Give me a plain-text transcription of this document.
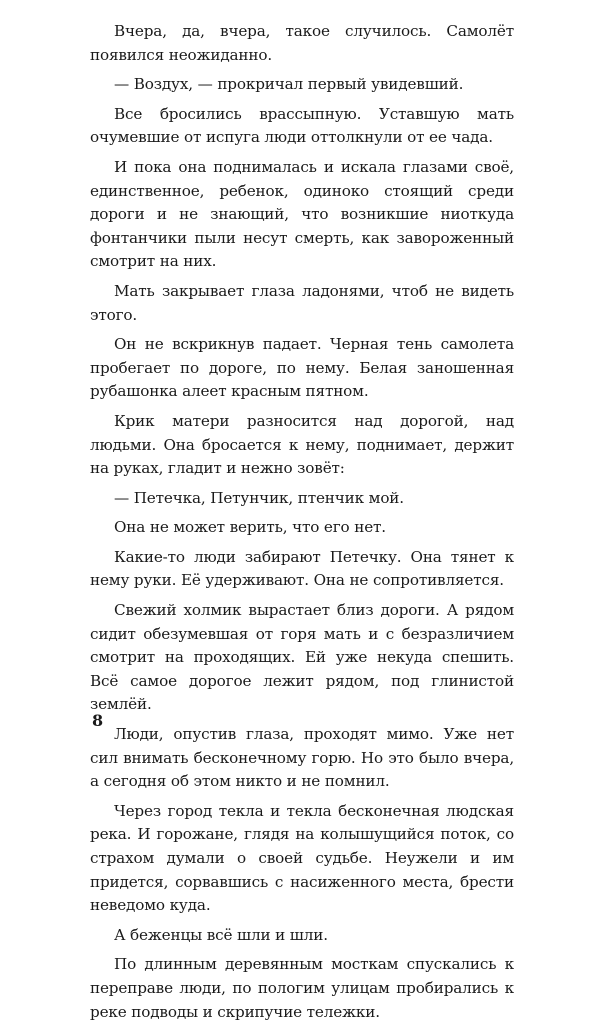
Вчера, да, вчера, такое случилось. Самолёт появился неожиданно.

— Воздух, — прокричал первый увидевший.

Все бросились врассыпную. Уставшую мать очумевшие от испуга люди оттолкнули от ее чада.

И пока она поднималась и искала глазами своё, единственное, ребенок, одиноко стоящий среди дороги и не знающий, что возникшие ниоткуда фонтанчики пыли несут смерть, как завороженный смотрит на них.

Мать закрывает глаза ладонями, чтоб не видеть этого.

Он не вскрикнув падает. Черная тень самолета пробегает по дороге, по нему. Белая заношенная рубашонка алеет красным пятном.

Крик матери разносится над дорогой, над людьми. Она бросается к нему, поднимает, держит на руках, гладит и нежно зовёт:

— Петечка, Петунчик, птенчик мой.

Она не может верить, что его нет.

Какие-то люди забирают Петечку. Она тянет к нему руки. Её удерживают. Она не сопротивляется.

Свежий холмик вырастает близ дороги. А рядом сидит обезумевшая от горя мать и с безразличием смотрит на проходящих. Ей уже некуда спешить. Всё самое дорогое лежит рядом, под глинистой землёй.

Люди, опустив глаза, проходят мимо. Уже нет сил внимать бесконечному горю. Но это было вчера, а сегодня об этом никто и не помнил.

Через город текла и текла бесконечная людская река. И горожане, глядя на колышущийся поток, со страхом думали о своей судьбе. Неужели и им придется, сорвавшись с насиженного места, брести неведомо куда.

А беженцы всё шли и шли.

По длинным деревянным мосткам спускались к переправе люди, по пологим улицам пробирались к реке подводы и скрипучие тележки.

8
